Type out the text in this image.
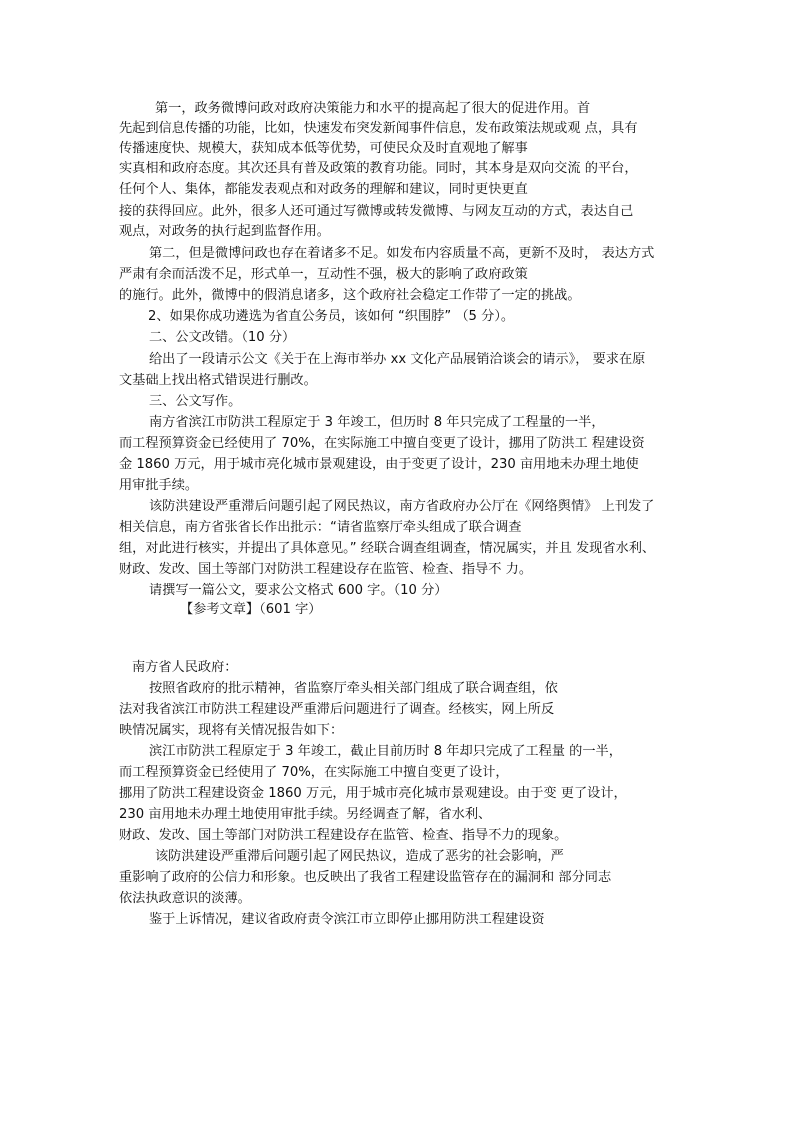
第一，政务微博问政对政府决策能力和水平的提高起了很大的促进作用。首
先起到信息传播的功能，比如，快速发布突发新闻事件信息，发布政策法规或观 点，具有
传播速度快、规模大，获知成本低等优势，可使民众及时直观地了解事
实真相和政府态度。其次还具有普及政策的教育功能。同时，其本身是双向交流 的平台，
任何个人、集体，都能发表观点和对政务的理解和建议，同时更快更直
接的获得回应。此外，很多人还可通过写微博或转发微博、与网友互动的方式，表达自己
观点，对政务的执行起到监督作用。
第二，但是微博问政也存在着诸多不足。如发布内容质量不高，更新不及时， 表达方式
严肃有余而活泼不足，形式单一，互动性不强，极大的影响了政府政策
的施行。此外，微博中的假消息诸多，这个政府社会稳定工作带了一定的挑战。
2、如果你成功遴选为省直公务员，该如何 “织围脖” （5 分）。
二、公文改错。（10 分）
给出了一段请示公文《关于在上海市举办 xx 文化产品展销洽谈会的请示》， 要求在原
文基础上找出格式错误进行删改。
三、公文写作。
南方省滨江市防洪工程原定于 3 年竣工，但历时 8 年只完成了工程量的一半，
而工程预算资金已经使用了 70%，在实际施工中擅自变更了设计，挪用了防洪工 程建设资
金 1860 万元，用于城市亮化城市景观建设，由于变更了设计，230 亩用地未办理土地使
用审批手续。
该防洪建设严重滞后问题引起了网民热议，南方省政府办公厅在《网络舆情》 上刊发了
相关信息，南方省张省长作出批示：“请省监察厅牵头组成了联合调查
组，对此进行核实，并提出了具体意见。” 经联合调查组调查，情况属实，并且 发现省水利、
财政、发改、国土等部门对防洪工程建设存在监管、检查、指导不 力。
请撰写一篇公文，要求公文格式 600 字。（10 分）
【参考文章】（601 字）
南方省人民政府：
按照省政府的批示精神，省监察厅牵头相关部门组成了联合调查组，依
法对我省滨江市防洪工程建设严重滞后问题进行了调查。经核实，网上所反
映情况属实，现将有关情况报告如下：
滨江市防洪工程原定于 3 年竣工，截止目前历时 8 年却只完成了工程量 的一半，
而工程预算资金已经使用了 70%，在实际施工中擅自变更了设计，
挪用了防洪工程建设资金 1860 万元，用于城市亮化城市景观建设。由于变 更了设计，
230 亩用地未办理土地使用审批手续。另经调查了解，省水利、
财政、发改、国土等部门对防洪工程建设存在监管、检查、指导不力的现象。
该防洪建设严重滞后问题引起了网民热议，造成了恶劣的社会影响，严
重影响了政府的公信力和形象。也反映出了我省工程建设监管存在的漏洞和 部分同志
依法执政意识的淡薄。
鉴于上诉情况，建议省政府责令滨江市立即停止挪用防洪工程建设资
